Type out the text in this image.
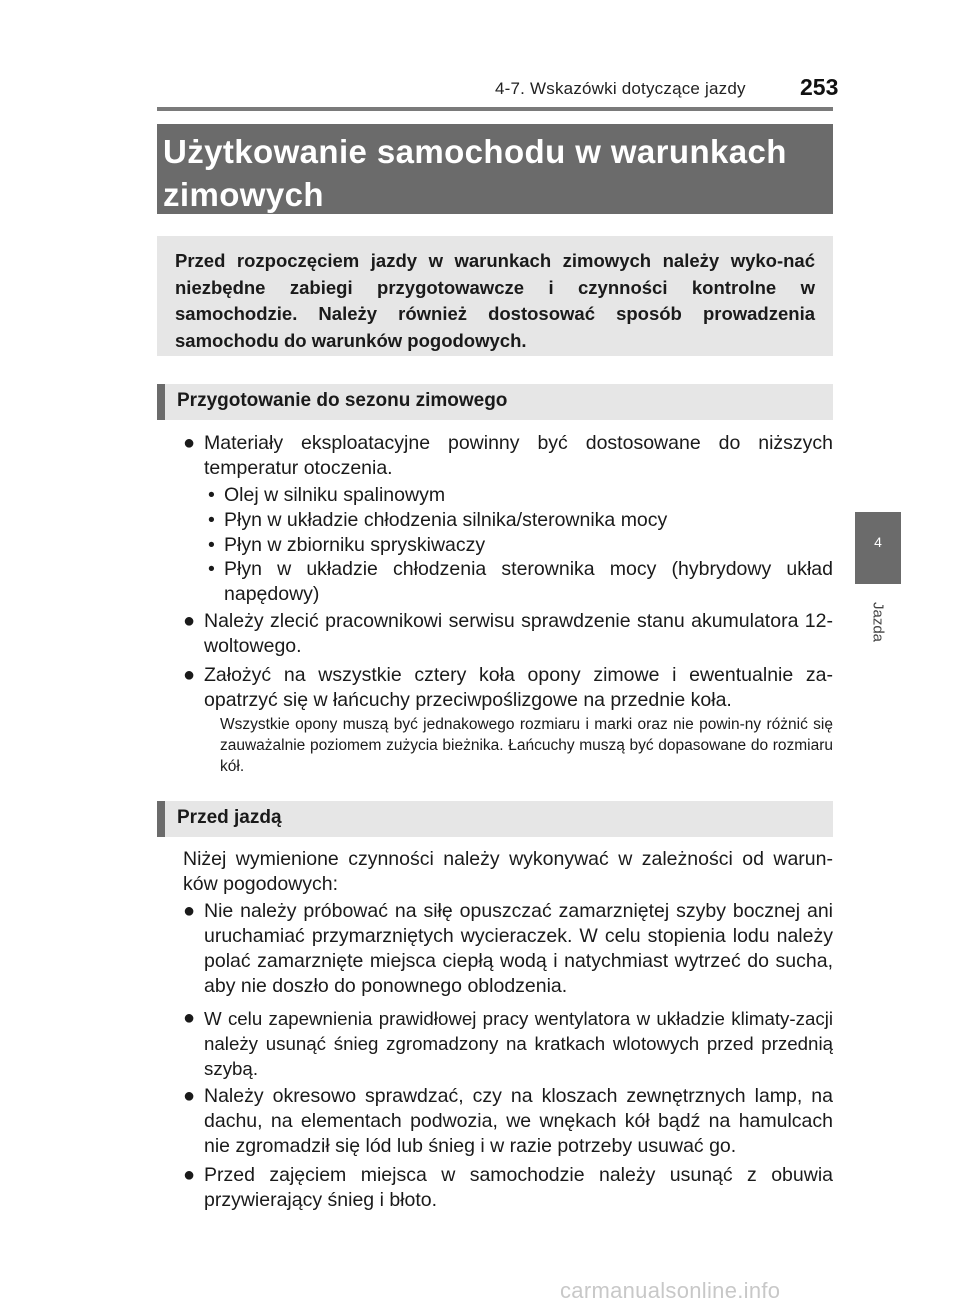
4-7. Wskazówki dotyczące jazdy 253
Użytkowanie samochodu w warunkach
zimowych
Przed rozpoczęciem jazdy w warunkach zimowych należy wyko-nać niezbędne zabiegi przygotowawcze i czynności kontrolne w samochodzie. Należy również dostosować sposób prowadzenia samochodu do warunków pogodowych.
Przygotowanie do sezonu zimowego
● Materiały eksploatacyjne powinny być dostosowane do niższych temperatur otoczenia.
• Olej w silniku spalinowym
• Płyn w układzie chłodzenia silnika/sterownika mocy
• Płyn w zbiorniku spryskiwaczy
• Płyn w układzie chłodzenia sterownika mocy (hybrydowy układ napędowy)
● Należy zlecić pracownikowi serwisu sprawdzenie stanu akumulatora 12-woltowego.
● Założyć na wszystkie cztery koła opony zimowe i ewentualnie za-opatrzyć się w łańcuchy przeciwpoślizgowe na przednie koła.
Wszystkie opony muszą być jednakowego rozmiaru i marki oraz nie powin-ny różnić się zauważalnie poziomem zużycia bieżnika. Łańcuchy muszą być dopasowane do rozmiaru kół.
Przed jazdą
Niżej wymienione czynności należy wykonywać w zależności od warun-ków pogodowych:
● Nie należy próbować na siłę opuszczać zamarzniętej szyby bocznej ani uruchamiać przymarzniętych wycieraczek. W celu stopienia lodu należy polać zamarznięte miejsca ciepłą wodą i natychmiast wytrzeć do sucha, aby nie doszło do ponownego oblodzenia.
● W celu zapewnienia prawidłowej pracy wentylatora w układzie klimaty-zacji należy usunąć śnieg zgromadzony na kratkach wlotowych przed przednią szybą.
● Należy okresowo sprawdzać, czy na kloszach zewnętrznych lamp, na dachu, na elementach podwozia, we wnękach kół bądź na hamulcach nie zgromadził się lód lub śnieg i w razie potrzeby usuwać go.
● Przed zajęciem miejsca w samochodzie należy usunąć z obuwia przywierający śnieg i błoto.
4
Jazda
carmanualsonline.info
